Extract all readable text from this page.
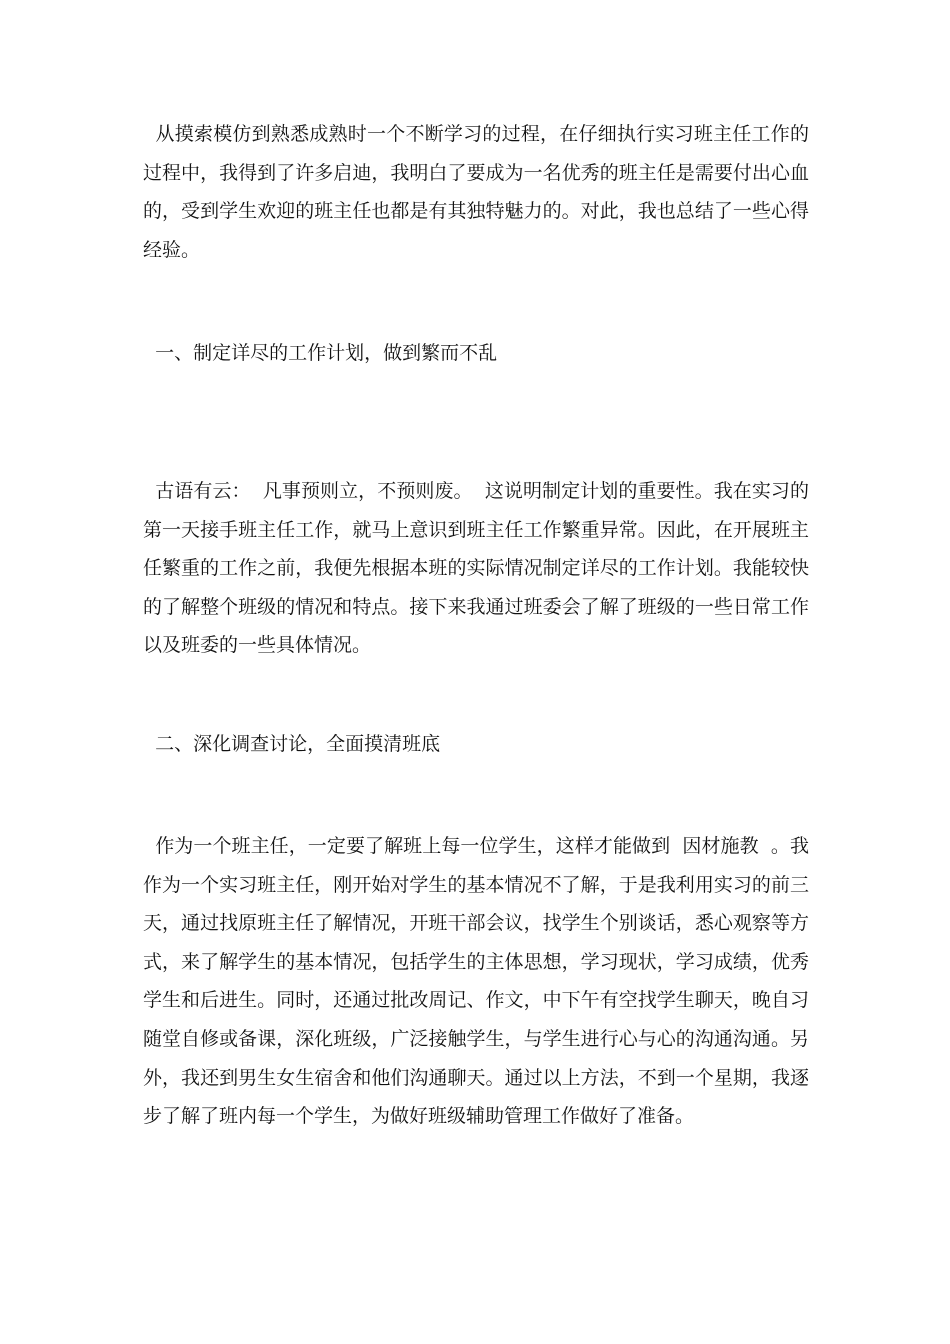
从摸索模仿到熟悉成熟时一个不断学习的过程，在仔细执行实习班主任工作的过程中，我得到了许多启迪，我明白了要成为一名优秀的班主任是需要付出心血的，受到学生欢迎的班主任也都是有其独特魅力的。对此，我也总结了一些心得经验。

一、制定详尽的工作计划，做到繁而不乱

古语有云：  凡事预则立，不预则废。  这说明制定计划的重要性。我在实习的第一天接手班主任工作，就马上意识到班主任工作繁重异常。因此，在开展班主任繁重的工作之前，我便先根据本班的实际情况制定详尽的工作计划。我能较快的了解整个班级的情况和特点。接下来我通过班委会了解了班级的一些日常工作以及班委的一些具体情况。

二、深化调查讨论，全面摸清班底

作为一个班主任，一定要了解班上每一位学生，这样才能做到  因材施教  。我作为一个实习班主任，刚开始对学生的基本情况不了解，于是我利用实习的前三天，通过找原班主任了解情况，开班干部会议，找学生个别谈话，悉心观察等方式，来了解学生的基本情况，包括学生的主体思想，学习现状，学习成绩，优秀学生和后进生。同时，还通过批改周记、作文，中下午有空找学生聊天，晚自习随堂自修或备课，深化班级，广泛接触学生，与学生进行心与心的沟通沟通。另外，我还到男生女生宿舍和他们沟通聊天。通过以上方法，不到一个星期，我逐步了解了班内每一个学生，为做好班级辅助管理工作做好了准备。
